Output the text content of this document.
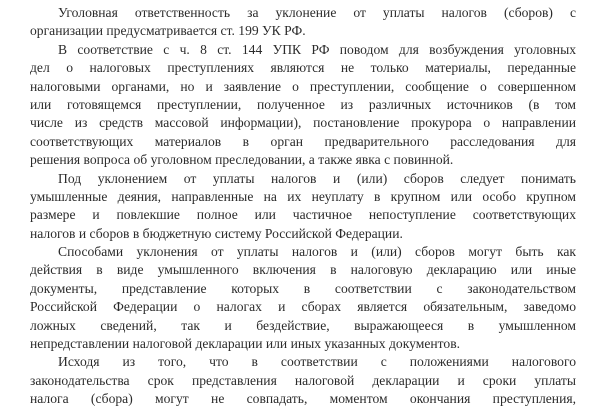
Уголовная ответственность за уклонение от уплаты налогов (сборов) с
организации предусматривается ст. 199 УК РФ.
В соответствие с ч. 8 ст. 144 УПК РФ поводом для возбуждения уголовных
дел о налоговых преступлениях являются не только материалы, переданные
налоговыми органами, но и заявление о преступлении, сообщение о совершенном
или готовящемся преступлении, полученное из различных источников (в том
числе из средств массовой информации), постановление прокурора о направлении
соответствующих материалов в орган предварительного расследования для
решения вопроса об уголовном преследовании, а также явка с повинной.
Под уклонением от уплаты налогов и (или) сборов следует понимать
умышленные деяния, направленные на их неуплату в крупном или особо крупном
размере и повлекшие полное или частичное непоступление соответствующих
налогов и сборов в бюджетную систему Российской Федерации.
Способами уклонения от уплаты налогов и (или) сборов могут быть как
действия в виде умышленного включения в налоговую декларацию или иные
документы, представление которых в соответствии с законодательством
Российской Федерации о налогах и сборах является обязательным, заведомо
ложных сведений, так и бездействие, выражающееся в умышленном
непредставлении налоговой декларации или иных указанных документов.
Исходя из того, что в соответствии с положениями налогового
законодательства срок представления налоговой декларации и сроки уплаты
налога (сбора) могут не совпадать, моментом окончания преступления,
